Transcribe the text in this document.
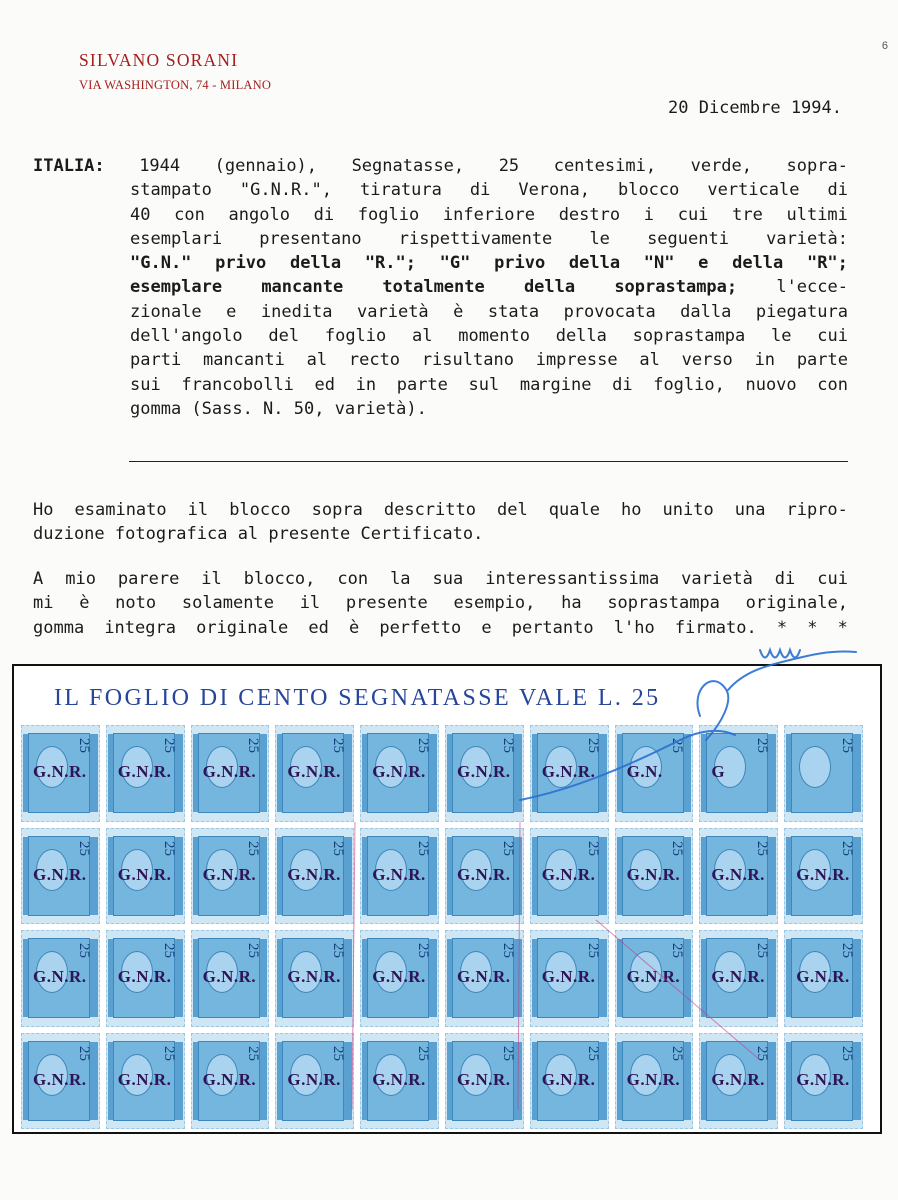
SILVANO SORANI
VIA WASHINGTON, 74 - MILANO
6
20 Dicembre 1994.
ITALIA: 1944 (gennaio), Segnatasse, 25 centesimi, verde, sopra-
stampato "G.N.R.", tiratura di Verona, blocco verticale di
40 con angolo di foglio inferiore destro i cui tre ultimi
esemplari presentano rispettivamente le seguenti varietà:
"G.N." privo della "R."; "G" privo della "N" e della "R";
esemplare mancante totalmente della soprastampa; l'ecce-
zionale e inedita varietà è stata provocata dalla piegatura
dell'angolo del foglio al momento della soprastampa le cui
parti mancanti al recto risultano impresse al verso in parte
sui francobolli ed in parte sul margine di foglio, nuovo con
gomma (Sass. N. 50, varietà).
Ho esaminato il blocco sopra descritto del quale ho unito una ripro-
duzione fotografica al presente Certificato.
A mio parere il blocco, con la sua interessantissima varietà di cui
mi è noto solamente il presente esempio, ha soprastampa originale,
gomma integra originale ed è perfetto e pertanto l'ho firmato. * * *
IL FOGLIO DI CENTO SEGNATASSE VALE L. 25
25
G.N.R.
25
G.N.R.
25
G.N.R.
25
G.N.R.
25
G.N.R.
25
G.N.R.
25
G.N.R.
25
G.N.
25
G
25
25
G.N.R.
25
G.N.R.
25
G.N.R.
25
G.N.R.
25
G.N.R.
25
G.N.R.
25
G.N.R.
25
G.N.R.
25
G.N.R.
25
G.N.R.
25
G.N.R.
25
G.N.R.
25
G.N.R.
25
G.N.R.
25
G.N.R.
25
G.N.R.
25
G.N.R.
25
G.N.R.
25
G.N.R.
25
G.N.R.
25
G.N.R.
25
G.N.R.
25
G.N.R.
25
G.N.R.
25
G.N.R.
25
G.N.R.
25
G.N.R.
25
G.N.R.
25
G.N.R.
25
G.N.R.
